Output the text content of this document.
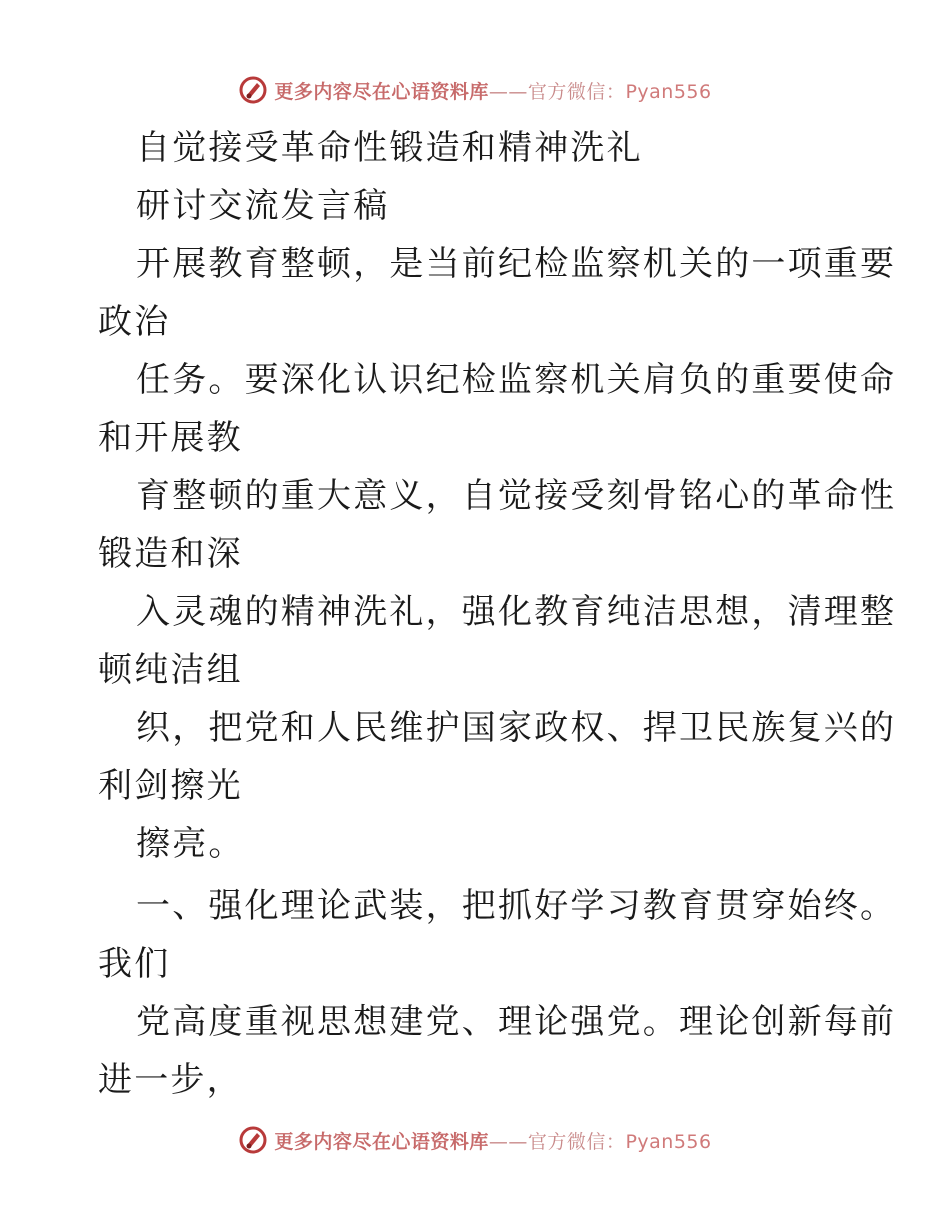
更多内容尽在心语资料库——官方微信：Pyan556
自觉接受革命性锻造和精神洗礼
研讨交流发言稿
开展教育整顿，是当前纪检监察机关的一项重要
政治
任务。要深化认识纪检监察机关肩负的重要使命
和开展教
育整顿的重大意义，自觉接受刻骨铭心的革命性
锻造和深
入灵魂的精神洗礼，强化教育纯洁思想，清理整
顿纯洁组
织，把党和人民维护国家政权、捍卫民族复兴的
利剑擦光
擦亮。
一、强化理论武装，把抓好学习教育贯穿始终。
我们
党高度重视思想建党、理论强党。理论创新每前
进一步，
更多内容尽在心语资料库——官方微信：Pyan556
